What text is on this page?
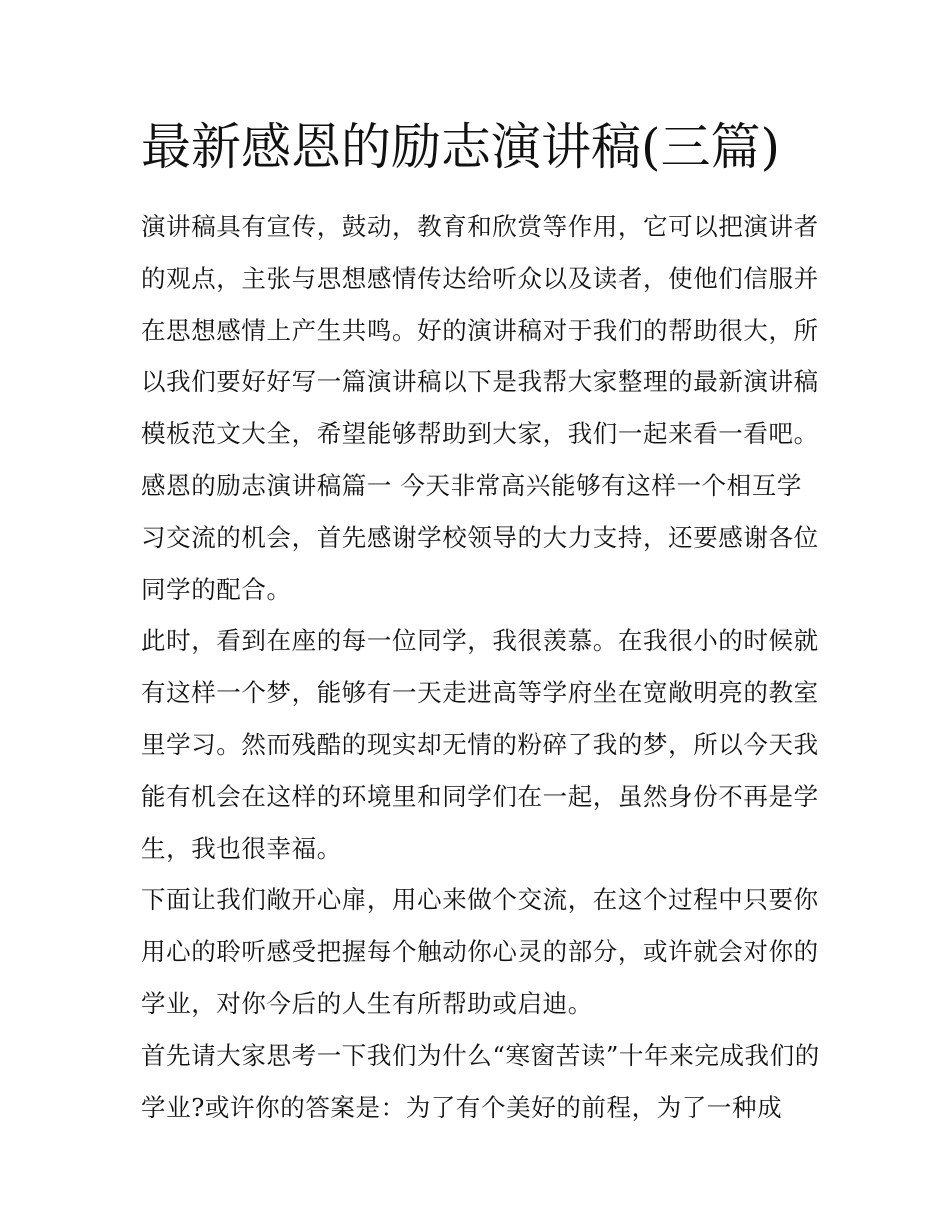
最新感恩的励志演讲稿(三篇)
演讲稿具有宣传，鼓动，教育和欣赏等作用，它可以把演讲者
的观点，主张与思想感情传达给听众以及读者，使他们信服并
在思想感情上产生共鸣。好的演讲稿对于我们的帮助很大，所
以我们要好好写一篇演讲稿以下是我帮大家整理的最新演讲稿
模板范文大全，希望能够帮助到大家，我们一起来看一看吧。
感恩的励志演讲稿篇一 今天非常高兴能够有这样一个相互学
习交流的机会，首先感谢学校领导的大力支持，还要感谢各位
同学的配合。
此时，看到在座的每一位同学，我很羡慕。在我很小的时候就
有这样一个梦，能够有一天走进高等学府坐在宽敞明亮的教室
里学习。然而残酷的现实却无情的粉碎了我的梦，所以今天我
能有机会在这样的环境里和同学们在一起，虽然身份不再是学
生，我也很幸福。
下面让我们敞开心扉，用心来做个交流，在这个过程中只要你
用心的聆听感受把握每个触动你心灵的部分，或许就会对你的
学业，对你今后的人生有所帮助或启迪。
首先请大家思考一下我们为什么“寒窗苦读”十年来完成我们的
学业?或许你的答案是：为了有个美好的前程，为了一种成
